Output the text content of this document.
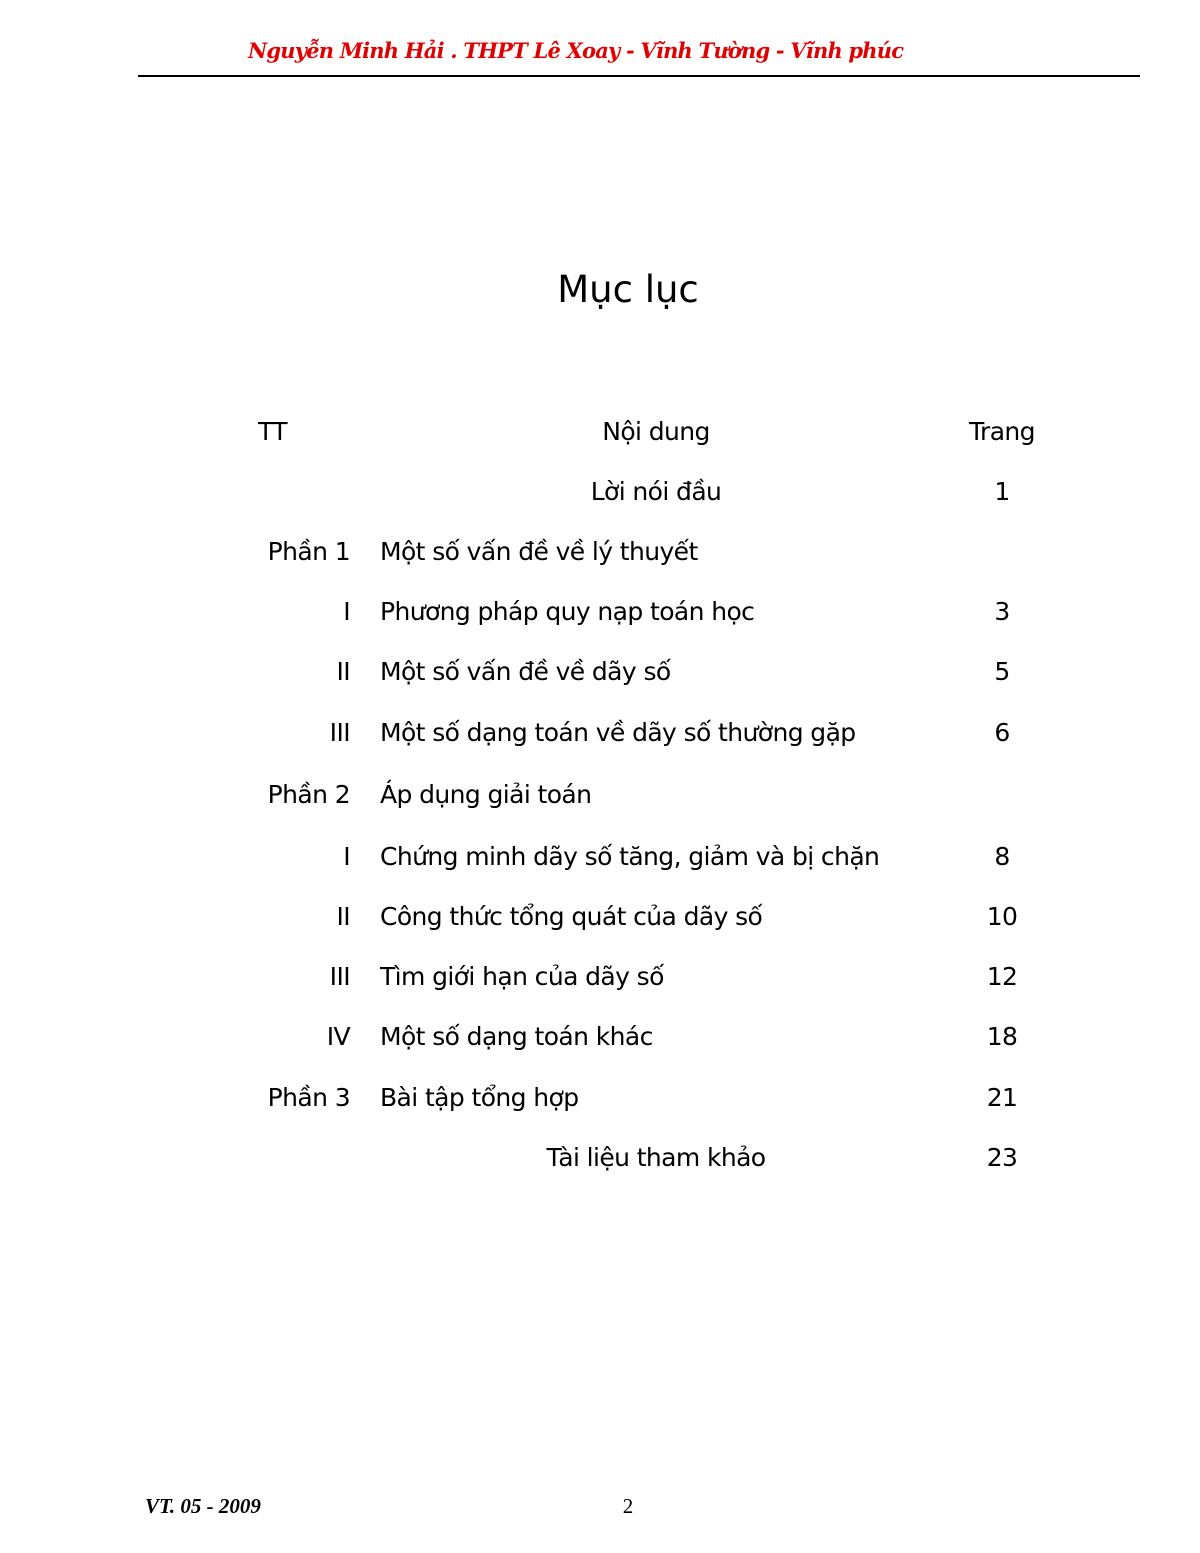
Nguyễn Minh Hải . THPT Lê Xoay - Vĩnh Tường - Vĩnh phúc
Mục lục
TT	Nội dung	Trang
Lời nói đầu	1
Phần 1 Một số vấn đề về lý thuyết
I Phương pháp quy nạp toán học	3
II Một số vấn đề về dãy số	5
III Một số dạng toán về dãy số thường gặp	6
Phần 2 Áp dụng giải toán
I Chứng minh dãy số tăng, giảm và bị chặn	8
II Công thức tổng quát của dãy số	10
III Tìm giới hạn của dãy số	12
IV Một số dạng toán khác	18
Phần 3 Bài tập tổng hợp	21
Tài liệu tham khảo	23
VT. 05 - 2009	2
